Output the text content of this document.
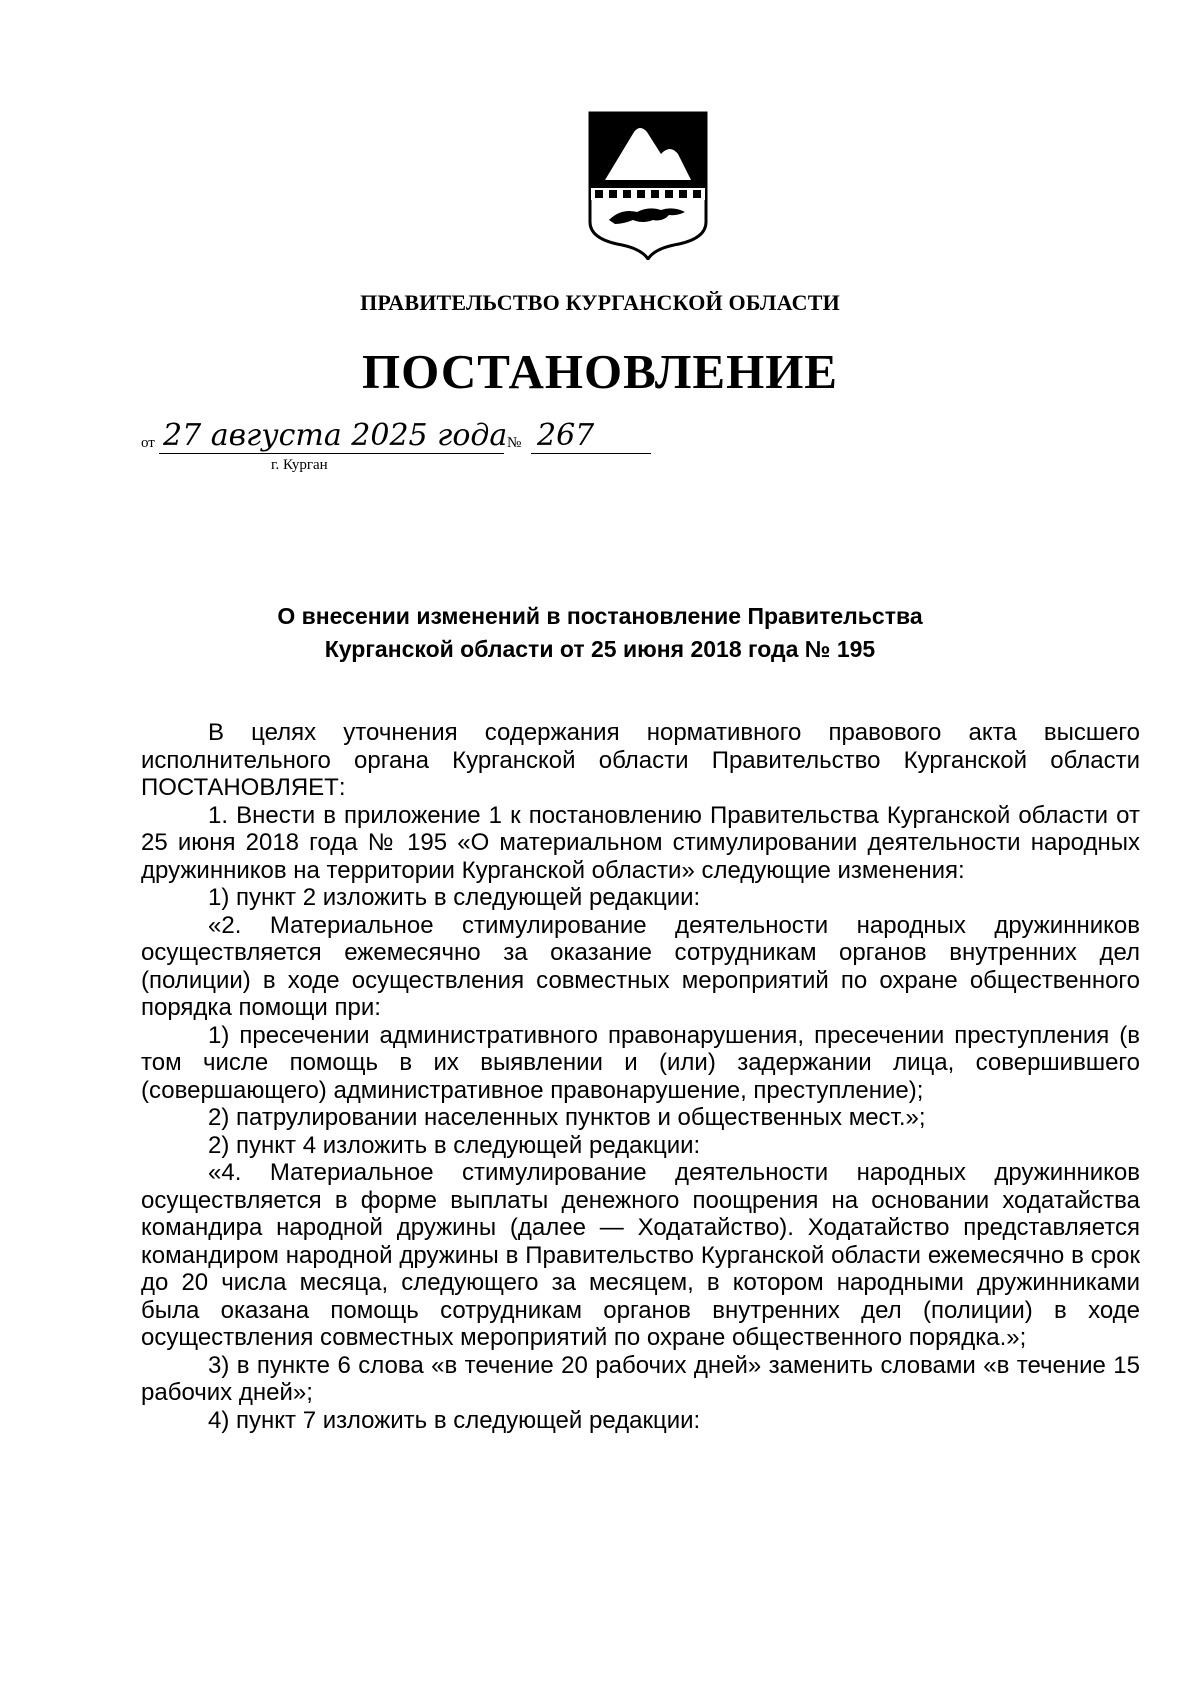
ПРАВИТЕЛЬСТВО КУРГАНСКОЙ ОБЛАСТИ
ПОСТАНОВЛЕНИЕ
от 27 августа 2025 года № 267
г. Курган
О внесении изменений в постановление Правительства
Курганской области от 25 июня 2018 года № 195

В целях уточнения содержания нормативного правового акта высшего исполнительного органа Курганской области Правительство Курганской области ПОСТАНОВЛЯЕТ:

1. Внести в приложение 1 к постановлению Правительства Курганской области от 25 июня 2018 года № 195 «О материальном стимулировании деятельности народных дружинников на территории Курганской области» следующие изменения:

1) пункт 2 изложить в следующей редакции:

«2. Материальное стимулирование деятельности народных дружинников осуществляется ежемесячно за оказание сотрудникам органов внутренних дел (полиции) в ходе осуществления совместных мероприятий по охране общественного порядка помощи при:

1) пресечении административного правонарушения, пресечении преступления (в том числе помощь в их выявлении и (или) задержании лица, совершившего (совершающего) административное правонарушение, преступление);

2) патрулировании населенных пунктов и общественных мест.»;

2) пункт 4 изложить в следующей редакции:

«4. Материальное стимулирование деятельности народных дружинников осуществляется в форме выплаты денежного поощрения на основании ходатайства командира народной дружины (далее — Ходатайство). Ходатайство представляется командиром народной дружины в Правительство Курганской области ежемесячно в срок до 20 числа месяца, следующего за месяцем, в котором народными дружинниками была оказана помощь сотрудникам органов внутренних дел (полиции) в ходе осуществления совместных мероприятий по охране общественного порядка.»;

3) в пункте 6 слова «в течение 20 рабочих дней» заменить словами «в течение 15 рабочих дней»;

4) пункт 7 изложить в следующей редакции:
